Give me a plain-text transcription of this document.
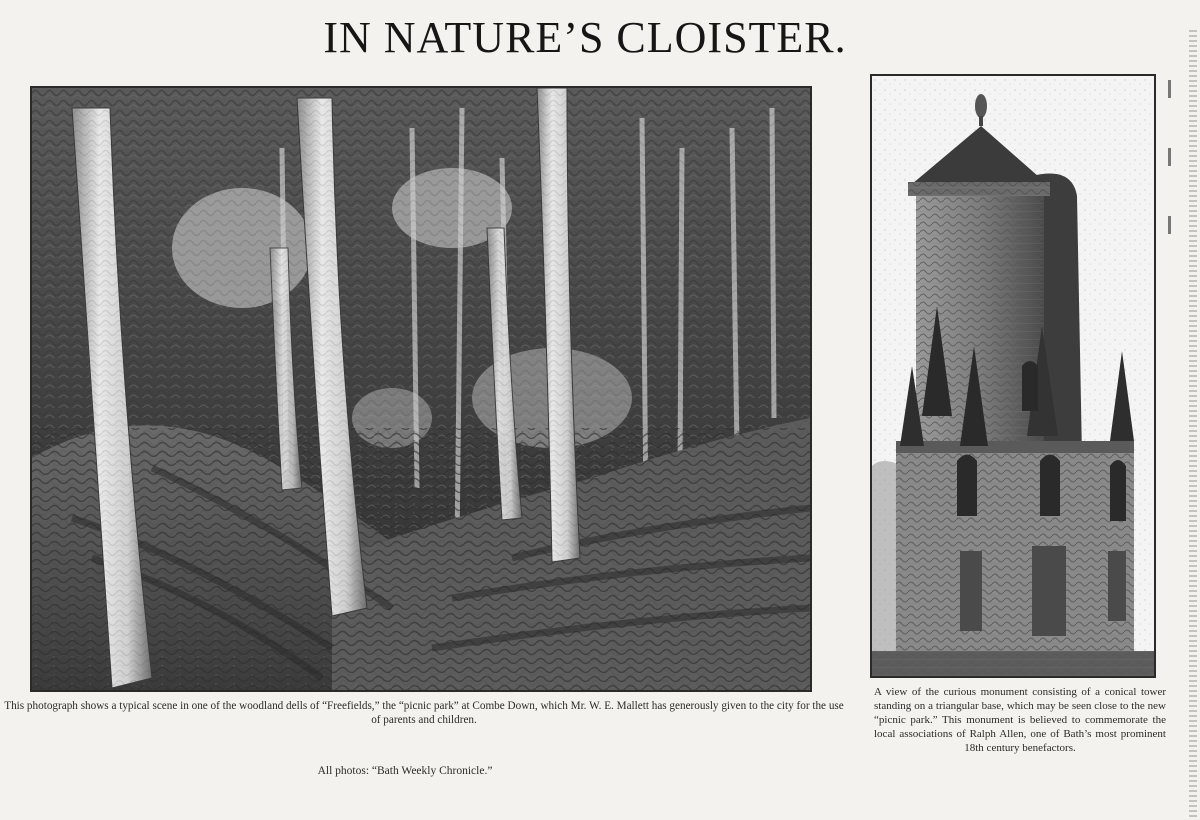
IN NATURE’S CLOISTER.
This photograph shows a typical scene in one of the woodland dells of “Freefields,” the “picnic park” at Combe Down, which Mr. W. E. Mallett has generously given to the city for the use of parents and children.
A view of the curious monument consisting of a conical tower standing on a triangular base, which may be seen close to the new “picnic park.” This monument is believed to commemorate the local associations of Ralph Allen, one of Bath’s most prominent 18th century benefactors.
All photos: “Bath Weekly Chronicle.”
